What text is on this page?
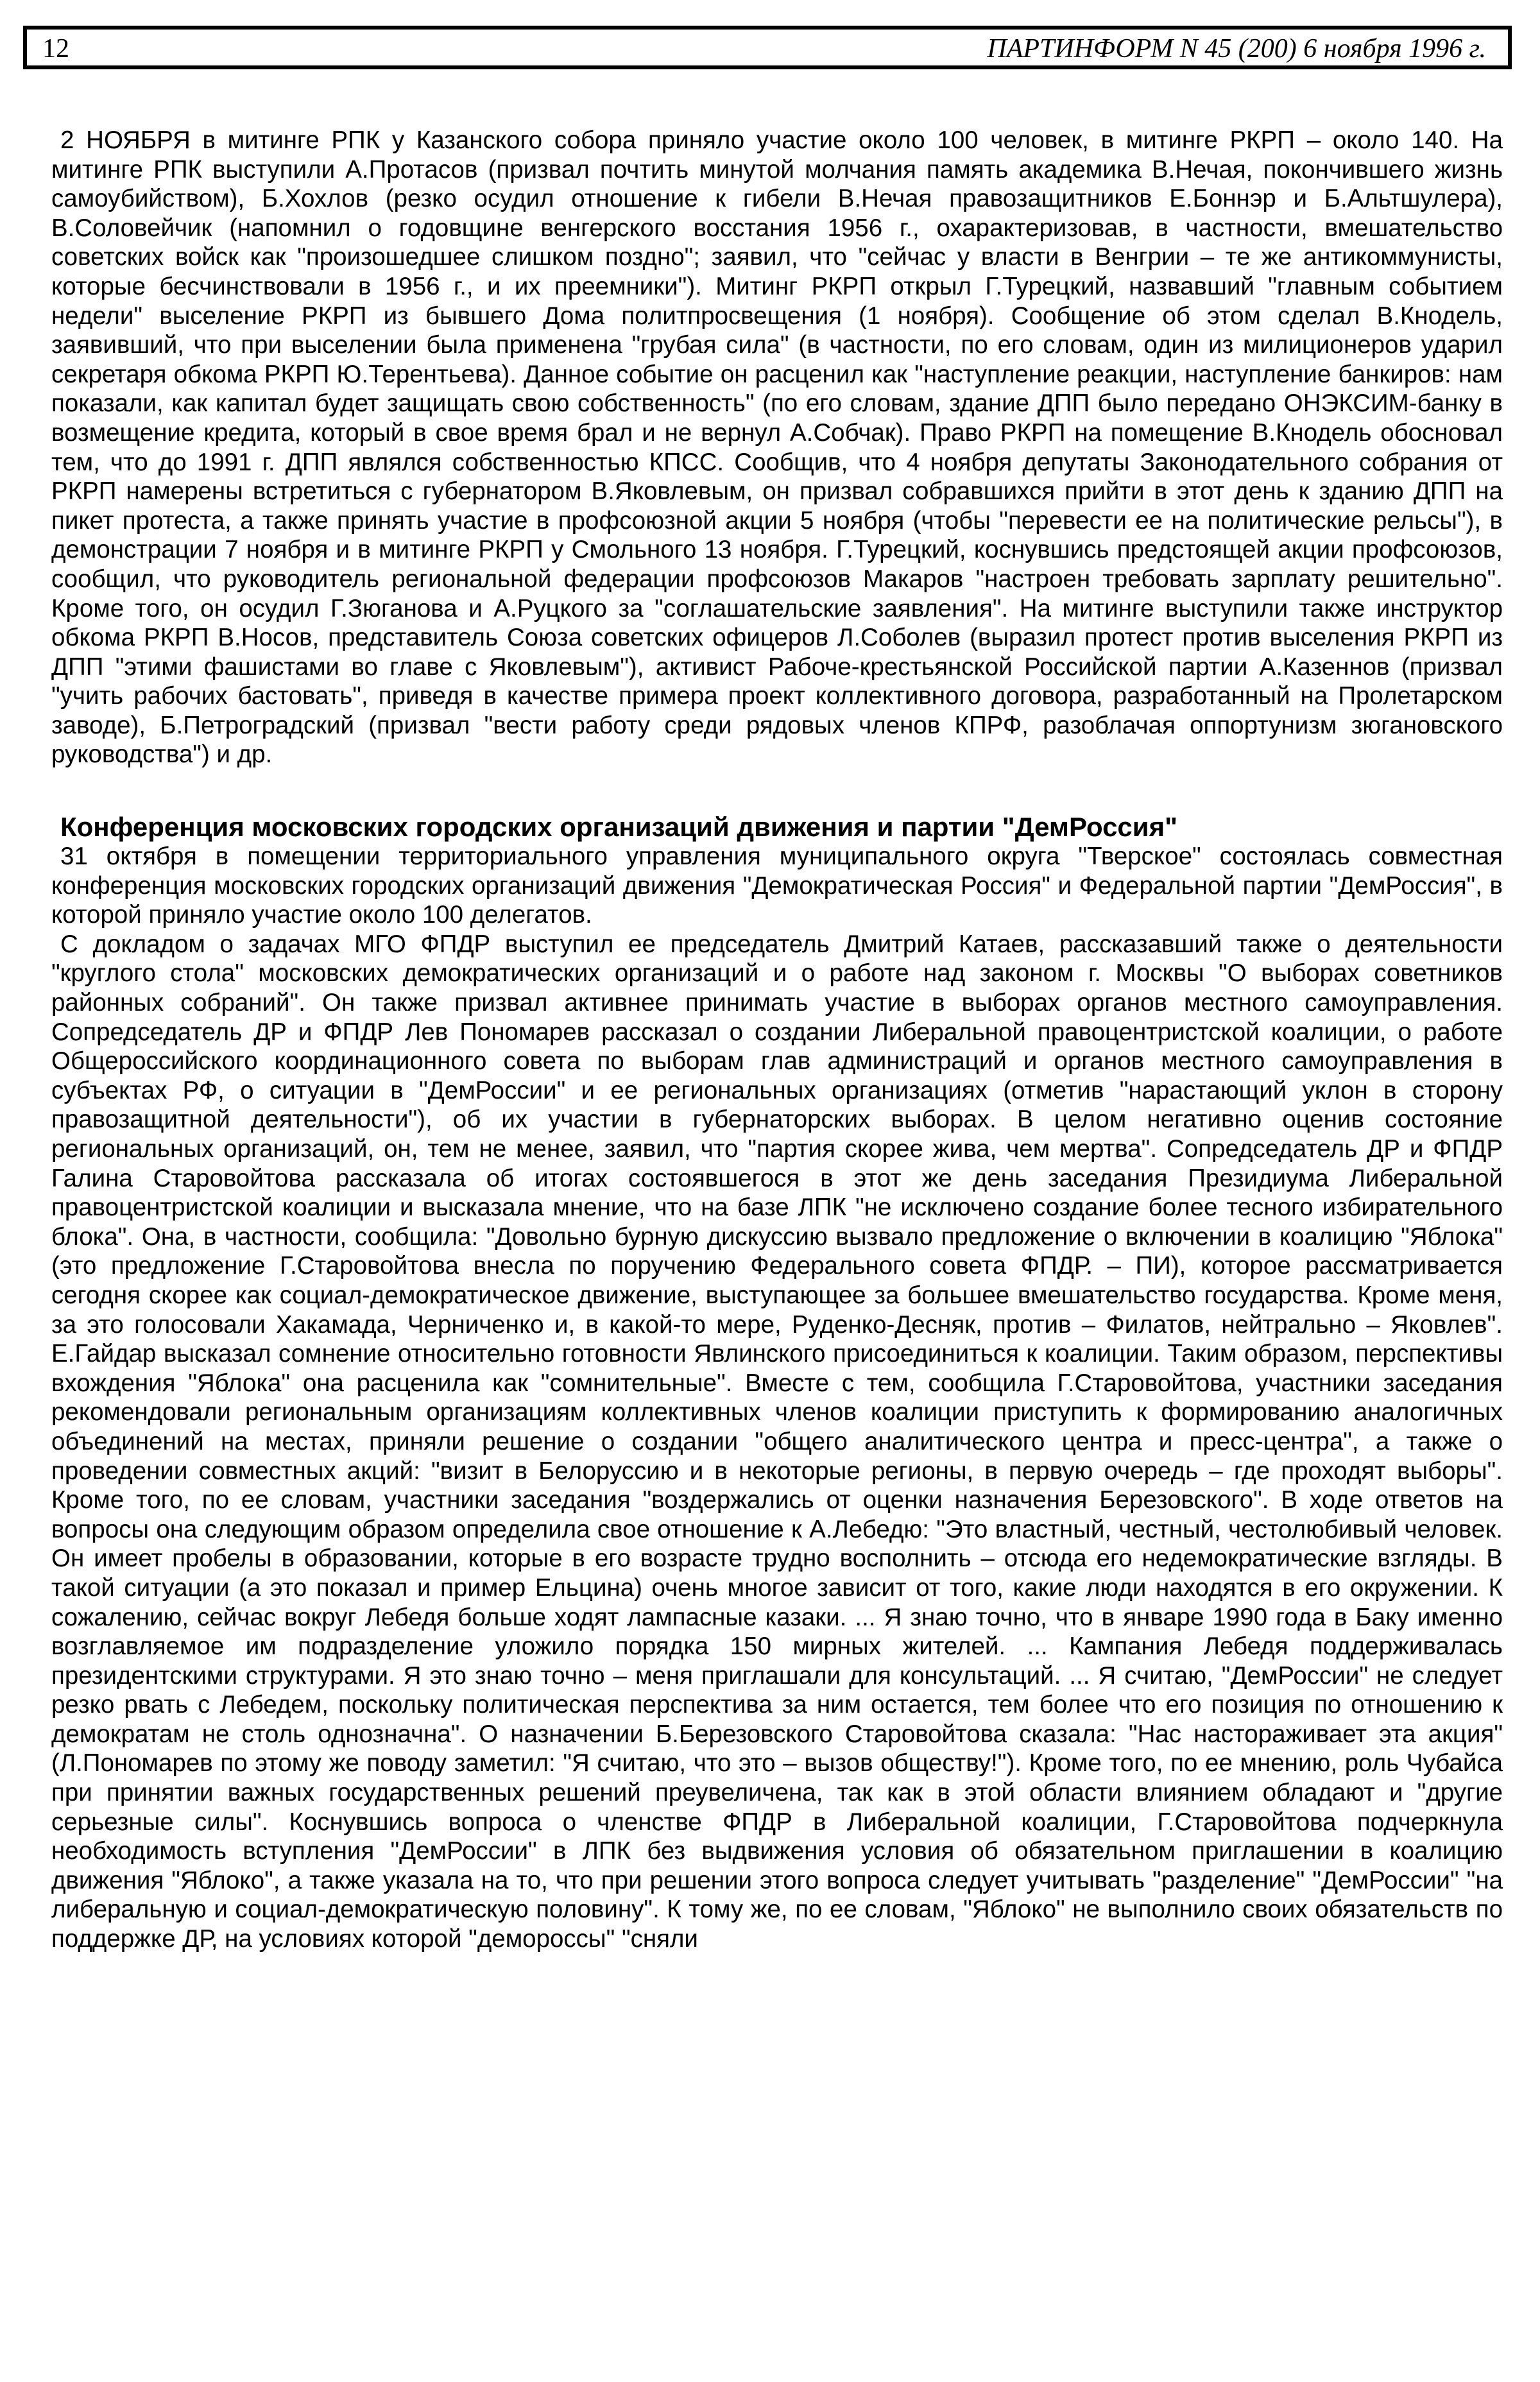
12	ПАРТИНФОРМ N 45 (200) 6 ноября 1996 г.

2 НОЯБРЯ в митинге РПК у Казанского собора приняло участие около 100 человек, в митинге РКРП – около 140. На митинге РПК выступили А.Протасов (призвал почтить минутой молчания память академика В.Нечая, покончившего жизнь самоубийством), Б.Хохлов (резко осудил отношение к гибели В.Нечая правозащитников Е.Боннэр и Б.Альтшулера), В.Соловейчик (напомнил о годовщине венгерского восстания 1956 г., охарактеризовав, в частности, вмешательство советских войск как "произошедшее слишком поздно"; заявил, что "сейчас у власти в Венгрии – те же антикоммунисты, которые бесчинствовали в 1956 г., и их преемники"). Митинг РКРП открыл Г.Турецкий, назвавший "главным событием недели" выселение РКРП из бывшего Дома политпросвещения (1 ноября). Сообщение об этом сделал В.Кнодель, заявивший, что при выселении была применена "грубая сила" (в частности, по его словам, один из милиционеров ударил секретаря обкома РКРП Ю.Терентьева). Данное событие он расценил как "наступление реакции, наступление банкиров: нам показали, как капитал будет защищать свою собственность" (по его словам, здание ДПП было передано ОНЭКСИМ-банку в возмещение кредита, который в свое время брал и не вернул А.Собчак). Право РКРП на помещение В.Кнодель обосновал тем, что до 1991 г. ДПП являлся собственностью КПСС. Сообщив, что 4 ноября депутаты Законодательного собрания от РКРП намерены встретиться с губернатором В.Яковлевым, он призвал собравшихся прийти в этот день к зданию ДПП на пикет протеста, а также принять участие в профсоюзной акции 5 ноября (чтобы "перевести ее на политические рельсы"), в демонстрации 7 ноября и в митинге РКРП у Смольного 13 ноября. Г.Турецкий, коснувшись предстоящей акции профсоюзов, сообщил, что руководитель региональной федерации профсоюзов Макаров "настроен требовать зарплату решительно". Кроме того, он осудил Г.Зюганова и А.Руцкого за "соглашательские заявления". На митинге выступили также инструктор обкома РКРП В.Носов, представитель Союза советских офицеров Л.Соболев (выразил протест против выселения РКРП из ДПП "этими фашистами во главе с Яковлевым"), активист Рабоче-крестьянской Российской партии А.Казеннов (призвал "учить рабочих бастовать", приведя в качестве примера проект коллективного договора, разработанный на Пролетарском заводе), Б.Петроградский (призвал "вести работу среди рядовых членов КПРФ, разоблачая оппортунизм зюгановского руководства") и др.

Конференция московских городских организаций движения и партии "ДемРоссия"

31 октября в помещении территориального управления муниципального округа "Тверское" состоялась совместная конференция московских городских организаций движения "Демократическая Россия" и Федеральной партии "ДемРоссия", в которой приняло участие около 100 делегатов.

С докладом о задачах МГО ФПДР выступил ее председатель Дмитрий Катаев, рассказавший также о деятельности "круглого стола" московских демократических организаций и о работе над законом г. Москвы "О выборах советников районных собраний". Он также призвал активнее принимать участие в выборах органов местного самоуправления. Сопредседатель ДР и ФПДР Лев Пономарев рассказал о создании Либеральной правоцентристской коалиции, о работе Общероссийского координационного совета по выборам глав администраций и органов местного самоуправления в субъектах РФ, о ситуации в "ДемРоссии" и ее региональных организациях (отметив "нарастающий уклон в сторону правозащитной деятельности"), об их участии в губернаторских выборах. В целом негативно оценив состояние региональных организаций, он, тем не менее, заявил, что "партия скорее жива, чем мертва". Сопредседатель ДР и ФПДР Галина Старовойтова рассказала об итогах состоявшегося в этот же день заседания Президиума Либеральной правоцентристской коалиции и высказала мнение, что на базе ЛПК "не исключено создание более тесного избирательного блока". Она, в частности, сообщила: "Довольно бурную дискуссию вызвало предложение о включении в коалицию "Яблока" (это предложение Г.Старовойтова внесла по поручению Федерального совета ФПДР. – ПИ), которое рассматривается сегодня скорее как социал-демократическое движение, выступающее за большее вмешательство государства. Кроме меня, за это голосовали Хакамада, Черниченко и, в какой-то мере, Руденко-Десняк, против – Филатов, нейтрально – Яковлев". Е.Гайдар высказал сомнение относительно готовности Явлинского присоединиться к коалиции. Таким образом, перспективы вхождения "Яблока" она расценила как "сомнительные". Вместе с тем, сообщила Г.Старовойтова, участники заседания рекомендовали региональным организациям коллективных членов коалиции приступить к формированию аналогичных объединений на местах, приняли решение о создании "общего аналитического центра и пресс-центра", а также о проведении совместных акций: "визит в Белоруссию и в некоторые регионы, в первую очередь – где проходят выборы". Кроме того, по ее словам, участники заседания "воздержались от оценки назначения Березовского". В ходе ответов на вопросы она следующим образом определила свое отношение к А.Лебедю: "Это властный, честный, честолюбивый человек. Он имеет пробелы в образовании, которые в его возрасте трудно восполнить – отсюда его недемократические взгляды. В такой ситуации (а это показал и пример Ельцина) очень многое зависит от того, какие люди находятся в его окружении. К сожалению, сейчас вокруг Лебедя больше ходят лампасные казаки. ... Я знаю точно, что в январе 1990 года в Баку именно возглавляемое им подразделение уложило порядка 150 мирных жителей. ... Кампания Лебедя поддерживалась президентскими структурами. Я это знаю точно – меня приглашали для консультаций. ... Я считаю, "ДемРоссии" не следует резко рвать с Лебедем, поскольку политическая перспектива за ним остается, тем более что его позиция по отношению к демократам не столь однозначна". О назначении Б.Березовского Старовойтова сказала: "Нас настораживает эта акция" (Л.Пономарев по этому же поводу заметил: "Я считаю, что это – вызов обществу!"). Кроме того, по ее мнению, роль Чубайса при принятии важных государственных решений преувеличена, так как в этой области влиянием обладают и "другие серьезные силы". Коснувшись вопроса о членстве ФПДР в Либеральной коалиции, Г.Старовойтова подчеркнула необходимость вступления "ДемРоссии" в ЛПК без выдвижения условия об обязательном приглашении в коалицию движения "Яблоко", а также указала на то, что при решении этого вопроса следует учитывать "разделение" "ДемРоссии" "на либеральную и социал-демократическую половину". К тому же, по ее словам, "Яблоко" не выполнило своих обязательств по поддержке ДР, на условиях которой "демороссы" "сняли
